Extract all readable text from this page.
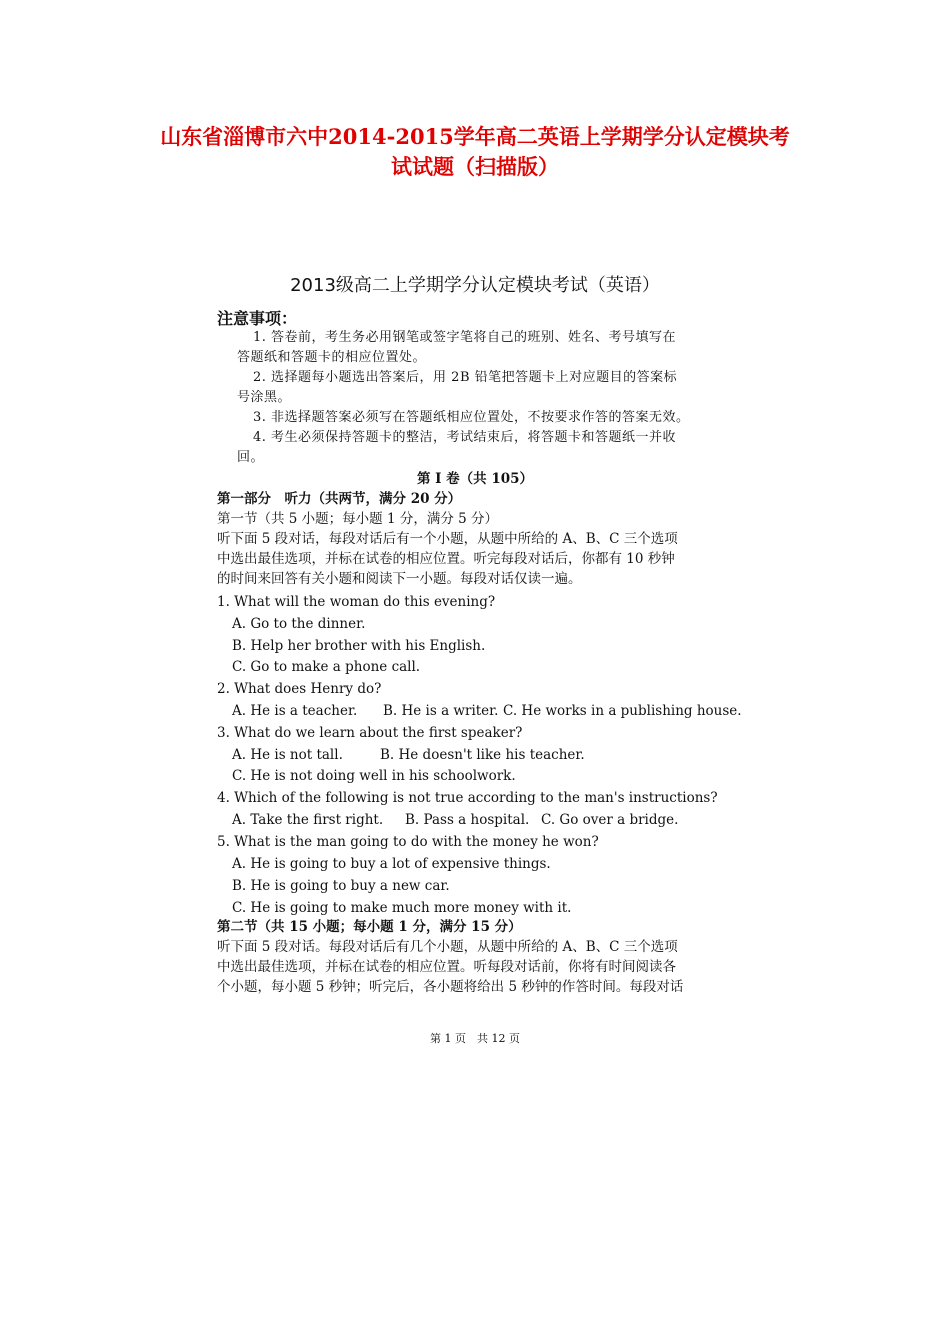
山东省淄博市六中2014-2015学年高二英语上学期学分认定模块考
试试题（扫描版）
2013级高二上学期学分认定模块考试（英语）
注意事项：
1. 答卷前，考生务必用钢笔或签字笔将自己的班别、姓名、考号填写在
答题纸和答题卡的相应位置处。
2. 选择题每小题选出答案后，用 2B 铅笔把答题卡上对应题目的答案标
号涂黑。
3. 非选择题答案必须写在答题纸相应位置处，不按要求作答的答案无效。
4. 考生必须保持答题卡的整洁，考试结束后，将答题卡和答题纸一并收
回。
第 I 卷（共 105）
第一部分　听力（共两节，满分 20 分）
第一节（共 5 小题；每小题 1 分，满分 5 分）
听下面 5 段对话，每段对话后有一个小题，从题中所给的 A、B、C 三个选项
中选出最佳选项，并标在试卷的相应位置。听完每段对话后，你都有 10 秒钟
的时间来回答有关小题和阅读下一小题。每段对话仅读一遍。
1. What will the woman do this evening?
A. Go to the dinner.
B. Help her brother with his English.
C. Go to make a phone call.
2. What does Henry do?
A. He is a teacher. B. He is a writer. C. He works in a publishing house.
3. What do we learn about the first speaker?
A. He is not tall.	B. He doesn't like his teacher.
C. He is not doing well in his schoolwork.
4. Which of the following is not true according to the man's instructions?
A. Take the first right. B. Pass a hospital. C. Go over a bridge.
5. What is the man going to do with the money he won?
A. He is going to buy a lot of expensive things.
B. He is going to buy a new car.
C. He is going to make much more money with it.
第二节（共 15 小题；每小题 1 分，满分 15 分）
听下面 5 段对话。每段对话后有几个小题，从题中所给的 A、B、C 三个选项
中选出最佳选项，并标在试卷的相应位置。听每段对话前，你将有时间阅读各
个小题，每小题 5 秒钟；听完后，各小题将给出 5 秒钟的作答时间。每段对话
第 1 页　共 12 页
